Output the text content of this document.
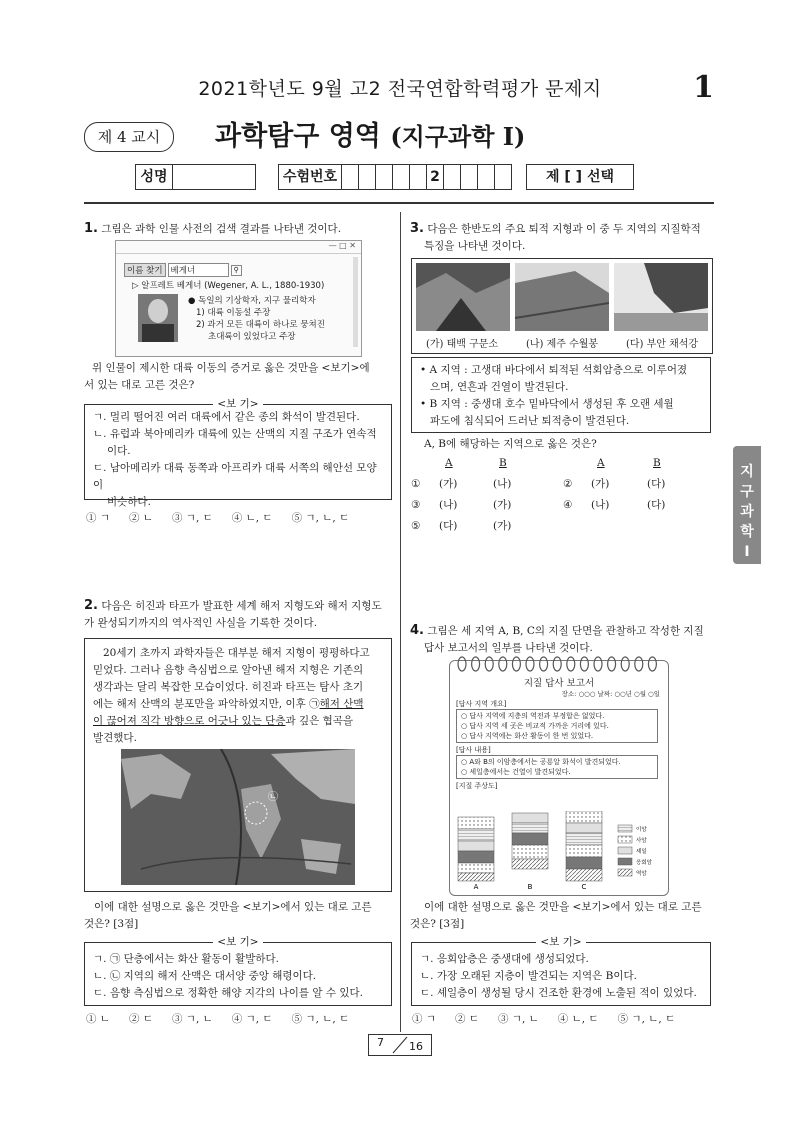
2021학년도 9월 고2 전국연합학력평가 문제지	1
제 4 교시	과학탐구 영역 (지구과학 Ⅰ)
성명	수험번호	2	제 [ ] 선택
지
구
과
학
Ⅰ
1. 그림은 과학 인물 사전의 검색 결과를 나타낸 것이다.
— □ ✕
이름 찾기 베게너	⚲
▷ 알프레트 베게너 (Wegener, A. L., 1880-1930)
● 독일의 기상학자, 지구 물리학자
1) 대륙 이동설 주장
2) 과거 모든 대륙이 하나로 뭉쳐진
초대륙이 있었다고 주장
위 인물이 제시한 대륙 이동의 증거로 옳은 것만을 <보기>에
서 있는 대로 고른 것은?
<보 기>
ㄱ. 멀리 떨어진 여러 대륙에서 같은 종의 화석이 발견된다.
ㄴ. 유럽과 북아메리카 대륙에 있는 산맥의 지질 구조가 연속적
이다.
ㄷ. 남아메리카 대륙 동쪽과 아프리카 대륙 서쪽의 해안선 모양이
비슷하다.
① ㄱ ② ㄴ ③ ㄱ, ㄷ ④ ㄴ, ㄷ ⑤ ㄱ, ㄴ, ㄷ
2. 다음은 히진과 타프가 발표한 세계 해저 지형도와 해저 지형도
가 완성되기까지의 역사적인 사실을 기록한 것이다.
20세기 초까지 과학자들은 대부분 해저 지형이 평평하다고
믿었다. 그러나 음향 측심법으로 알아낸 해저 지형은 기존의
생각과는 달리 복잡한 모습이었다. 히진과 타프는 탐사 초기
에는 해저 산맥의 분포만을 파악하였지만, 이후 ㉠해저 산맥
이 끊어져 직각 방향으로 어긋나 있는 단층과 깊은 협곡을
발견했다.
㉡
이에 대한 설명으로 옳은 것만을 <보기>에서 있는 대로 고른
것은? [3점]
<보 기>
ㄱ. ㉠ 단층에서는 화산 활동이 활발하다.
ㄴ. ㉡ 지역의 해저 산맥은 대서양 중앙 해령이다.
ㄷ. 음향 측심법으로 정확한 해양 지각의 나이를 알 수 있다.
① ㄴ ② ㄷ ③ ㄱ, ㄴ ④ ㄱ, ㄷ ⑤ ㄱ, ㄴ, ㄷ
3. 다음은 한반도의 주요 퇴적 지형과 이 중 두 지역의 지질학적
특징을 나타낸 것이다.
(가) 태백 구문소	(나) 제주 수월봉	(다) 부안 채석강
• A 지역 : 고생대 바다에서 퇴적된 석회암층으로 이루어졌
으며, 연흔과 건열이 발견된다.
• B 지역 : 중생대 호수 밑바닥에서 생성된 후 오랜 세월
파도에 침식되어 드러난 퇴적층이 발견된다.
A, B에 해당하는 지역으로 옳은 것은?
A	B	A	B
① (가)	(나)	② (가)	(다)
③ (나)	(가)	④ (나)	(다)
⑤ (다)	(가)
4. 그림은 세 지역 A, B, C의 지질 단면을 관찰하고 작성한 지질
답사 보고서의 일부를 나타낸 것이다.
지질 답사 보고서
장소: ○○○ 날짜: ○○년 ○월 ○일
[답사 지역 개요]
○ 답사 지역에 지층의 역전과 부정합은 없었다.
○ 답사 지역 세 곳은 비교적 가까운 거리에 있다.
○ 답사 지역에는 화산 활동이 한 번 있었다.
[답사 내용]
○ A와 B의 이암층에서는 공룡알 화석이 발견되었다.
○ 셰일층에서는 건열이 발견되었다.
[지질 주상도]
A	B	C
이암
사암
셰일
응회암
역암
이에 대한 설명으로 옳은 것만을 <보기>에서 있는 대로 고른
것은? [3점]
<보 기>
ㄱ. 응회암층은 중생대에 생성되었다.
ㄴ. 가장 오래된 지층이 발견되는 지역은 B이다.
ㄷ. 셰일층이 생성될 당시 건조한 환경에 노출된 적이 있었다.
① ㄱ ② ㄷ ③ ㄱ, ㄴ ④ ㄴ, ㄷ ⑤ ㄱ, ㄴ, ㄷ
7 16
